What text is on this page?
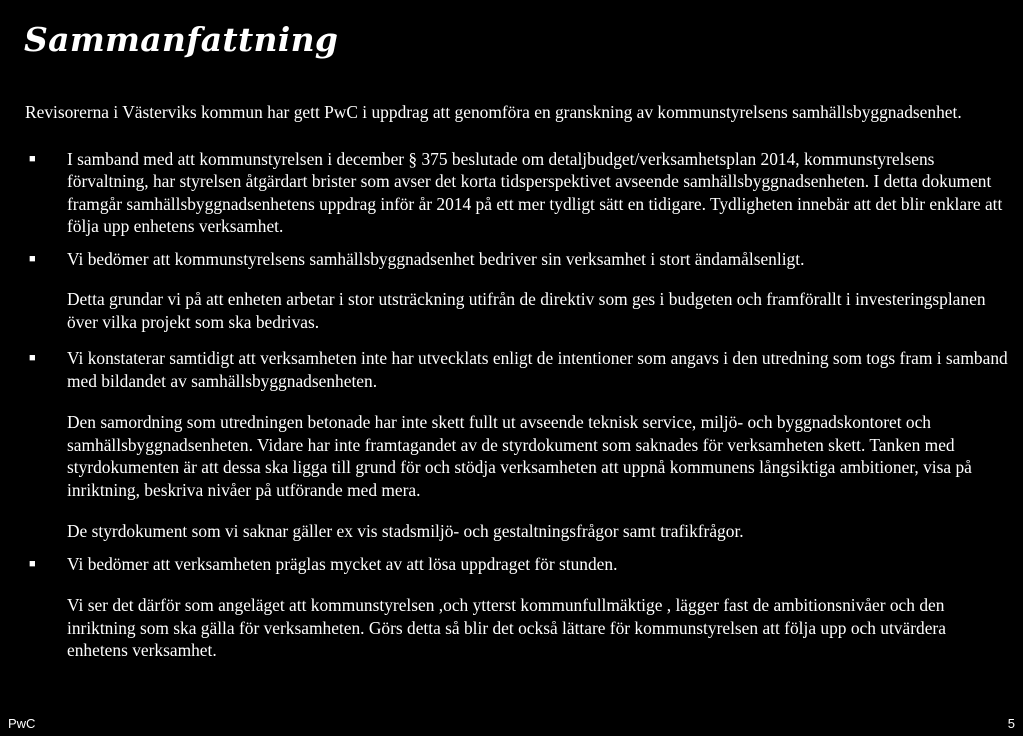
Sammanfattning

Revisorerna i Västerviks kommun har gett PwC i uppdrag att genomföra en granskning av kommunstyrelsens samhällsbyggnadsenhet.

■ I samband med att kommunstyrelsen i december § 375 beslutade om detaljbudget/verksamhetsplan 2014, kommunstyrelsens förvaltning, har styrelsen åtgärdart brister som avser det korta tidsperspektivet avseende samhällsbyggnadsenheten. I detta dokument framgår samhällsbyggnadsenhetens uppdrag inför år 2014 på ett mer tydligt sätt en tidigare. Tydligheten innebär att det blir enklare att följa upp enhetens verksamhet.

■ Vi bedömer att kommunstyrelsens samhällsbyggnadsenhet bedriver sin verksamhet i stort ändamålsenligt.

Detta grundar vi på att enheten arbetar i stor utsträckning utifrån de direktiv som ges i budgeten och framförallt i investeringsplanen över vilka projekt som ska bedrivas.

■ Vi konstaterar samtidigt att verksamheten inte har utvecklats enligt de intentioner som angavs i den utredning som togs fram i samband med bildandet av samhällsbyggnadsenheten.

Den samordning som utredningen betonade har inte skett fullt ut avseende teknisk service, miljö- och byggnadskontoret och samhällsbyggnadsenheten. Vidare har inte framtagandet av de styrdokument som saknades för verksamheten skett. Tanken med styrdokumenten är att dessa ska ligga till grund för och stödja verksamheten att uppnå kommunens långsiktiga ambitioner, visa på inriktning, beskriva nivåer på utförande med mera.

De styrdokument som vi saknar gäller ex vis stadsmiljö- och gestaltningsfrågor samt trafikfrågor.

■ Vi bedömer att verksamheten präglas mycket av att lösa uppdraget för stunden.

Vi ser det därför som angeläget att kommunstyrelsen ,och ytterst kommunfullmäktige , lägger fast de ambitionsnivåer och den inriktning som ska gälla för verksamheten. Görs detta så blir det också lättare för kommunstyrelsen att följa upp och utvärdera enhetens verksamhet.

PwC	5
